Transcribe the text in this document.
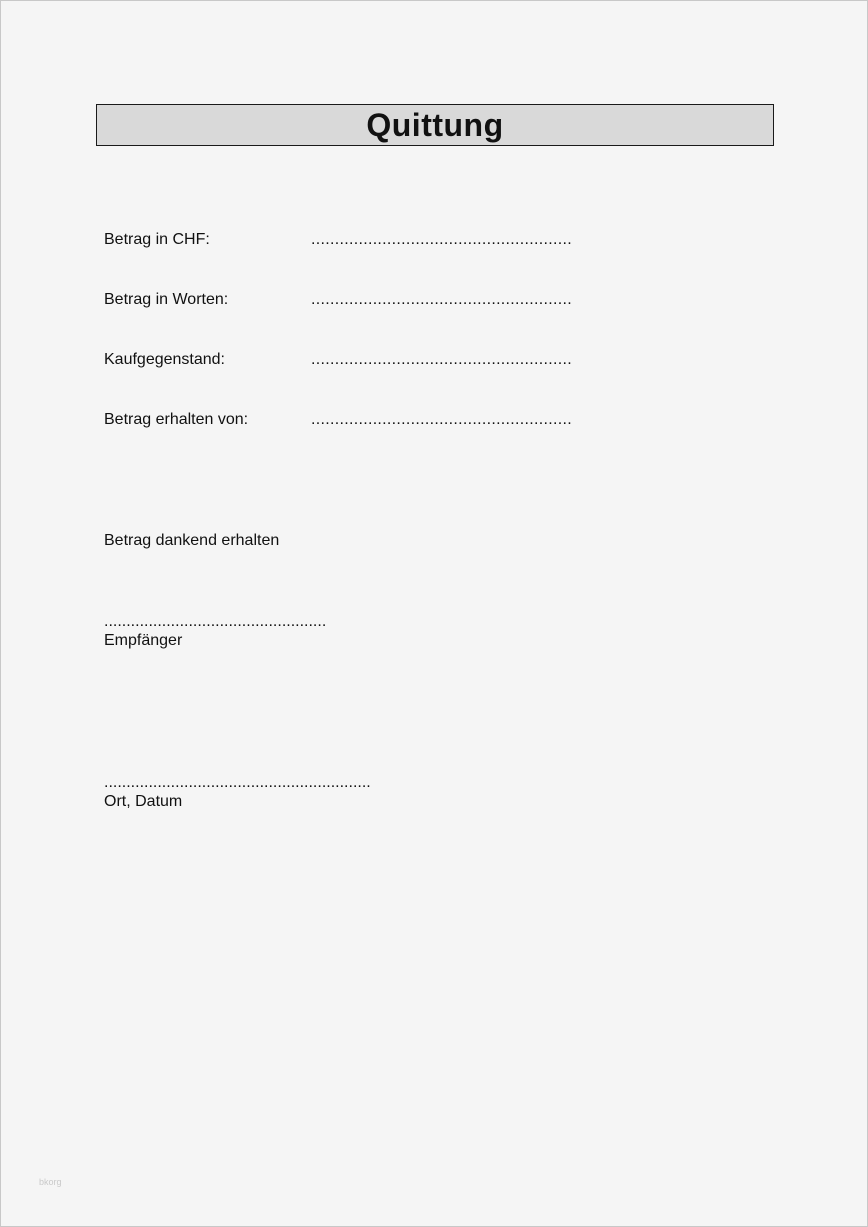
Quittung
Betrag in CHF:	.......................................................
Betrag in Worten:	.......................................................
Kaufgegenstand:	.......................................................
Betrag erhalten von:	.......................................................
Betrag dankend erhalten
..................................................
Empfänger
............................................................
Ort, Datum
bkorg
